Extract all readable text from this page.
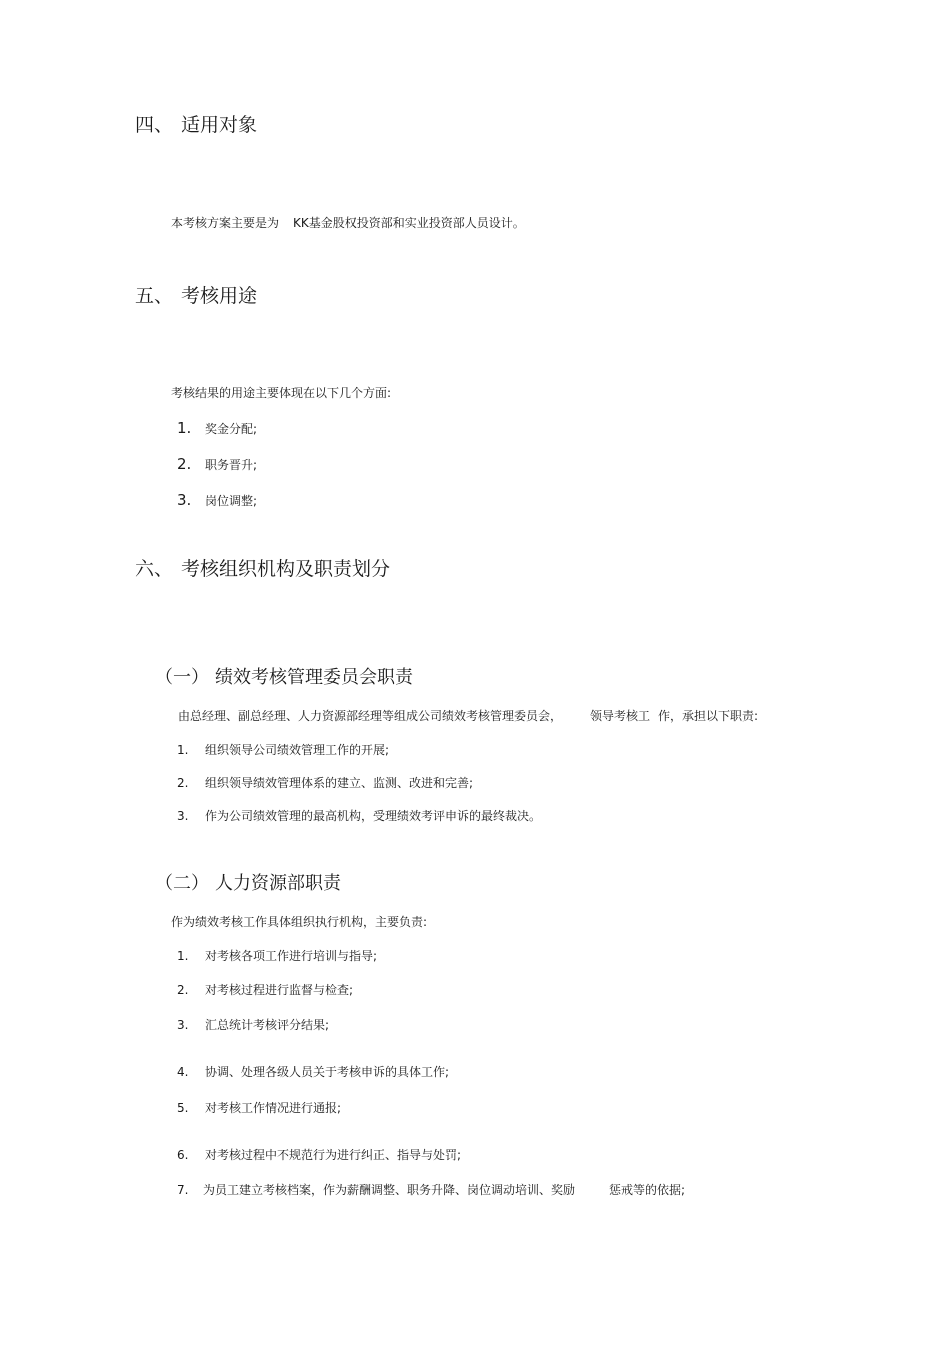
四、 适用对象
本考核方案主要是为 KK基金股权投资部和实业投资部人员设计。
五、 考核用途
考核结果的用途主要体现在以下几个方面:
1. 奖金分配;
2. 职务晋升;
3. 岗位调整;
六、 考核组织机构及职责划分
（一） 绩效考核管理委员会职责
由总经理、副总经理、人力资源部经理等组成公司绩效考核管理委员会， 领导考核工 作，承担以下职责:
1. 组织领导公司绩效管理工作的开展;
2. 组织领导绩效管理体系的建立、监测、改进和完善;
3. 作为公司绩效管理的最高机构，受理绩效考评申诉的最终裁决。
（二） 人力资源部职责
作为绩效考核工作具体组织执行机构，主要负责:
1. 对考核各项工作进行培训与指导;
2. 对考核过程进行监督与检查;
3. 汇总统计考核评分结果;
4. 协调、处理各级人员关于考核申诉的具体工作;
5. 对考核工作情况进行通报;
6. 对考核过程中不规范行为进行纠正、指导与处罚;
7. 为员工建立考核档案，作为薪酬调整、职务升降、岗位调动培训、奖励	惩戒等的依据;
